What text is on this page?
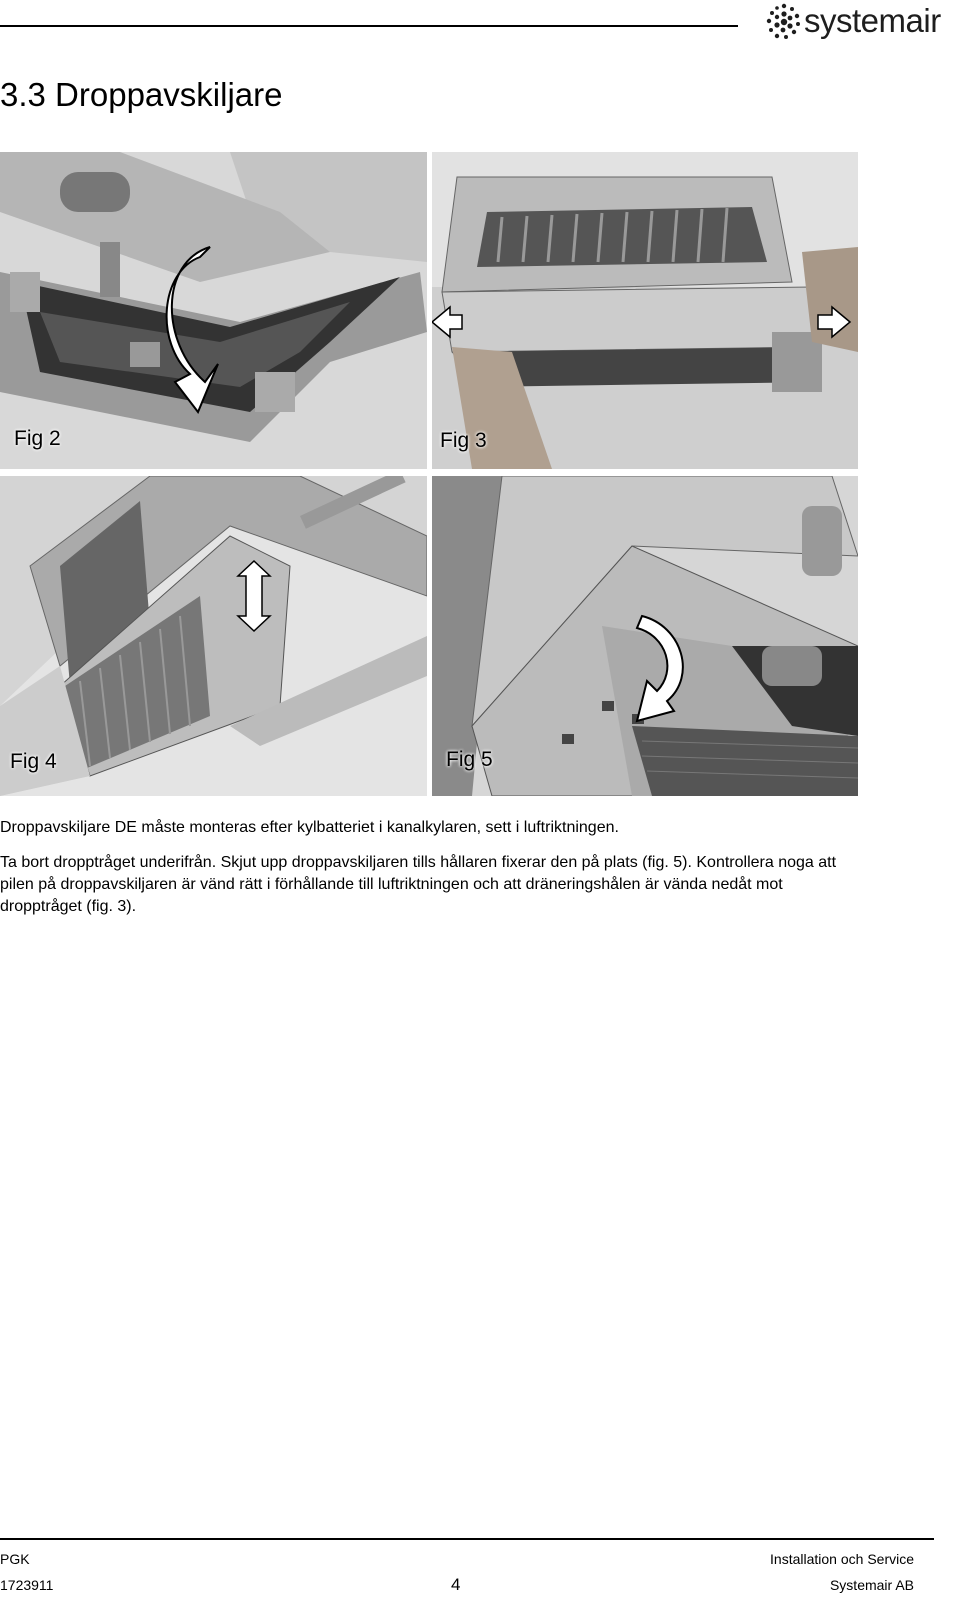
systemair
3.3 Droppavskiljare
Fig 2	Fig 3
Fig 4	Fig 5

Droppavskiljare DE måste monteras efter kylbatteriet i kanalkylaren, sett i luftriktningen.

Ta bort dropptråget underifrån. Skjut upp droppavskiljaren tills hållaren fixerar den på plats (fig. 5). Kontrollera noga att pilen på droppavskiljaren är vänd rätt i förhållande till luftriktningen och att dräneringshålen är vända nedåt mot dropptråget (fig. 3).

PGK
1723911	4
Installation och Service
Systemair AB
